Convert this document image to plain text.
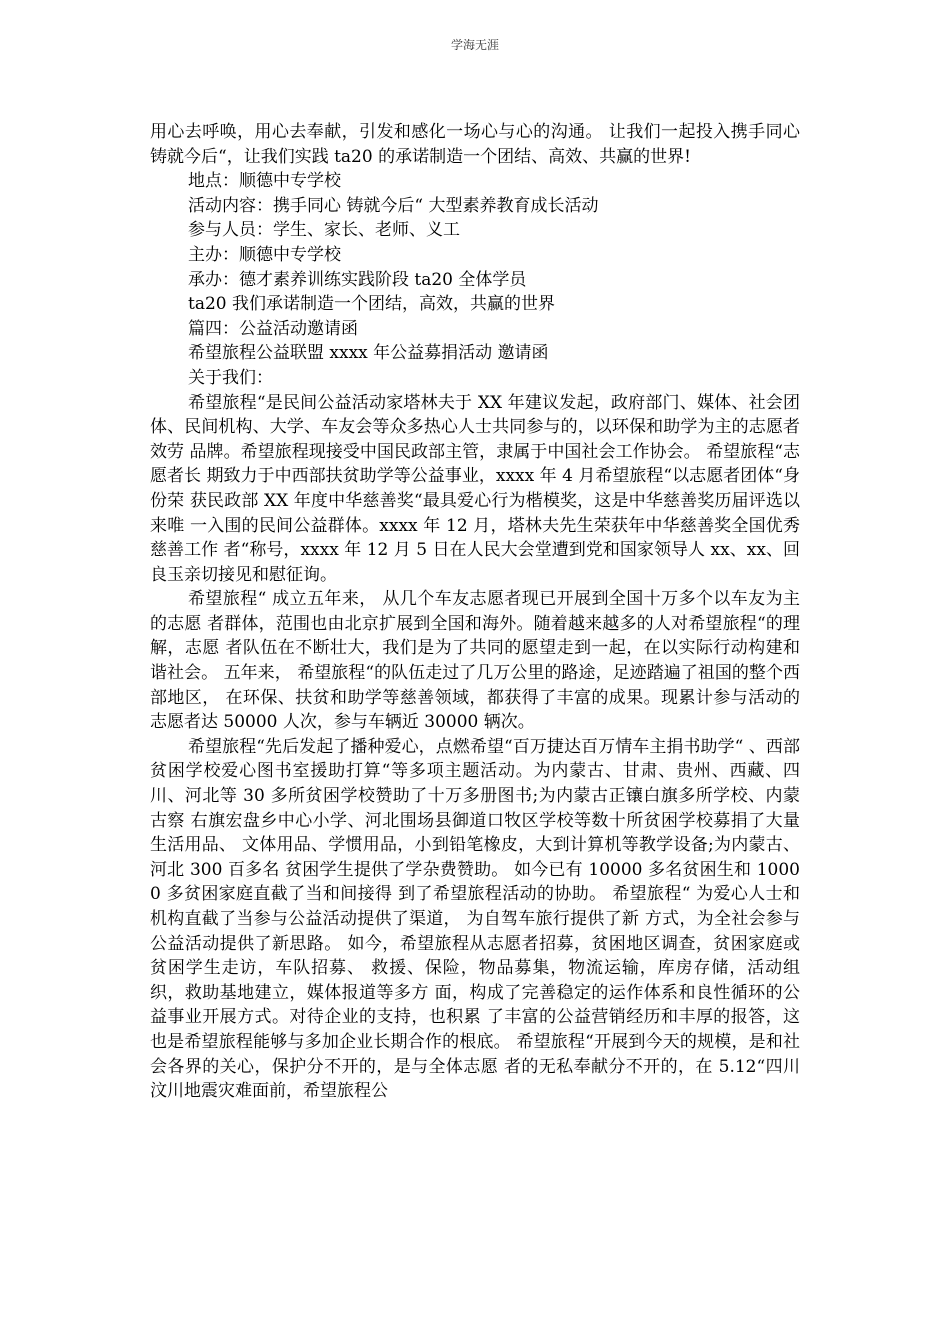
学海无涯

用心去呼唤，用心去奉献，引发和感化一场心与心的沟通。 让我们一起投入携手同心铸就今后“，让我们实践 ta20 的承诺制造一个团结、高效、共赢的世界!

地点：顺德中专学校

活动内容：携手同心 铸就今后“ 大型素养教育成长活动

参与人员：学生、家长、老师、义工

主办：顺德中专学校

承办：德才素养训练实践阶段 ta20 全体学员

ta20 我们承诺制造一个团结，高效，共赢的世界

篇四：公益活动邀请函

希望旅程公益联盟 xxxx 年公益募捐活动 邀请函

关于我们：

希望旅程“是民间公益活动家塔林夫于 XX 年建议发起，政府部门、媒体、社会团 体、民间机构、大学、车友会等众多热心人士共同参与的，以环保和助学为主的志愿者效劳 品牌。希望旅程现接受中国民政部主管，隶属于中国社会工作协会。 希望旅程“志愿者长 期致力于中西部扶贫助学等公益事业，xxxx 年 4 月希望旅程“以志愿者团体“身份荣 获民政部 XX 年度中华慈善奖“最具爱心行为楷模奖，这是中华慈善奖历届评选以来唯 一入围的民间公益群体。xxxx 年 12 月，塔林夫先生荣获年中华慈善奖全国优秀慈善工作 者“称号，xxxx 年 12 月 5 日在人民大会堂遭到党和国家领导人 xx、xx、回 良玉亲切接见和慰征询。

希望旅程“ 成立五年来， 从几个车友志愿者现已开展到全国十万多个以车友为主的志愿 者群体，范围也由北京扩展到全国和海外。随着越来越多的人对希望旅程“的理解，志愿 者队伍在不断壮大，我们是为了共同的愿望走到一起，在以实际行动构建和谐社会。 五年来， 希望旅程“的队伍走过了几万公里的路途，足迹踏遍了祖国的整个西部地区， 在环保、扶贫和助学等慈善领域，都获得了丰富的成果。现累计参与活动的志愿者达 50000 人次，参与车辆近 30000 辆次。

希望旅程“先后发起了播种爱心，点燃希望“百万捷达百万情车主捐书助学“ 、西部贫困学校爱心图书室援助打算“等多项主题活动。为内蒙古、甘肃、贵州、西藏、四 川、河北等 30 多所贫困学校赞助了十万多册图书;为内蒙古正镶白旗多所学校、内蒙古察 右旗宏盘乡中心小学、河北围场县御道口牧区学校等数十所贫困学校募捐了大量生活用品、 文体用品、学惯用品，小到铅笔橡皮，大到计算机等教学设备;为内蒙古、河北 300 百多名 贫困学生提供了学杂费赞助。 如今已有 10000 多名贫困生和 10000 多贫困家庭直截了当和间接得 到了希望旅程活动的协助。 希望旅程“ 为爱心人士和机构直截了当参与公益活动提供了渠道， 为自驾车旅行提供了新 方式，为全社会参与公益活动提供了新思路。 如今，希望旅程从志愿者招募，贫困地区调查，贫困家庭或贫困学生走访，车队招募、 救援、保险，物品募集，物流运输，库房存储，活动组织，救助基地建立，媒体报道等多方 面，构成了完善稳定的运作体系和良性循环的公益事业开展方式。对待企业的支持，也积累 了丰富的公益营销经历和丰厚的报答，这也是希望旅程能够与多加企业长期合作的根底。 希望旅程“开展到今天的规模，是和社会各界的关心，保护分不开的，是与全体志愿 者的无私奉献分不开的，在 5.12“四川汶川地震灾难面前，希望旅程公
